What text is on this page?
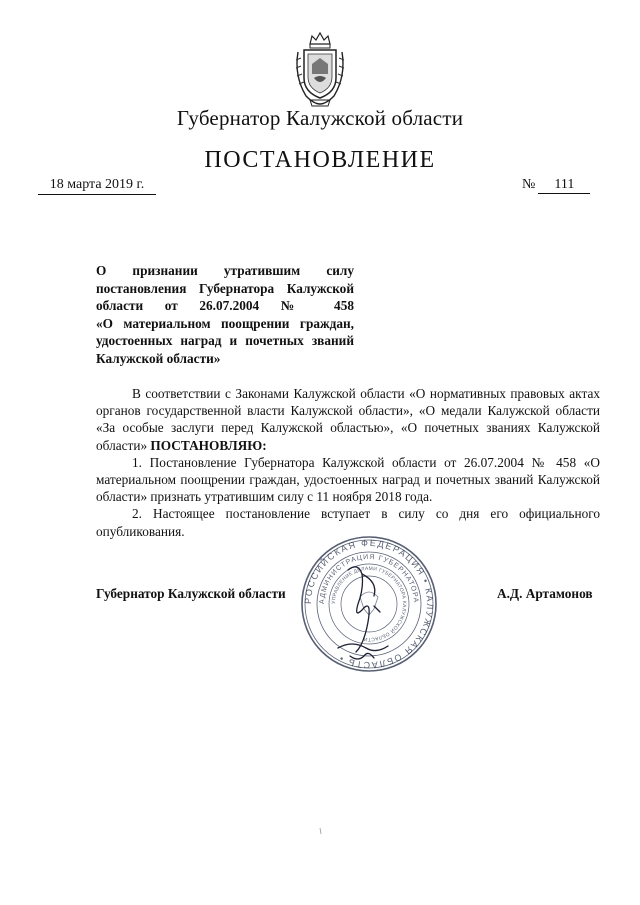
Губернатор Калужской области
ПОСТАНОВЛЕНИЕ
18 марта 2019 г.	№ 111
О признании утратившим силу
постановления Губернатора Калужской
области от 26.07.2004 № 458
«О материальном поощрении граждан,
удостоенных наград и почетных званий
Калужской области»

В соответствии с Законами Калужской области «О нормативных правовых актах органов государственной власти Калужской области», «О медали Калужской области «За особые заслуги перед Калужской областью», «О почетных званиях Калужской области» ПОСТАНОВЛЯЮ:

1. Постановление Губернатора Калужской области от 26.07.2004 № 458 «О материальном поощрении граждан, удостоенных наград и почетных званий Калужской области» признать утратившим силу с 11 ноября 2018 года.

2. Настоящее постановление вступает в силу со дня его официального опубликования.

РОССИЙСКАЯ ФЕДЕРАЦИЯ • КАЛУЖСКАЯ ОБЛАСТЬ •
АДМИНИСТРАЦИЯ ГУБЕРНАТОРА
УПРАВЛЕНИЕ ДЕЛАМИ ГУБЕРНАТОРА КАЛУЖСКОЙ ОБЛАСТИ
Губернатор Калужской области	А.Д. Артамонов
